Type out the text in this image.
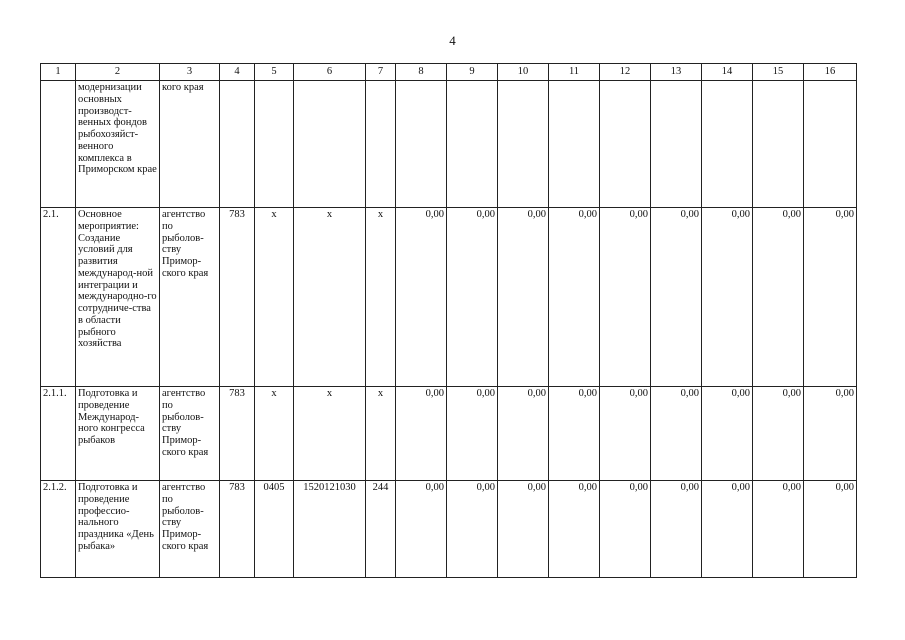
4
1	2	3	4	5	6	7	8	9	10	11	12	13	14	15	16
	модернизации основных производст-венных фондов рыбохозяйст-венного комплекса в Приморском крае	кого края													
2.1.	Основное мероприятие: Создание условий для развития международ-ной интеграции и международно-го сотрудниче-ства в области рыбного хозяйства	агентство по рыболов-ству Примор-ского края	783	х	х	х	0,00	0,00	0,00	0,00	0,00	0,00	0,00	0,00	0,00
2.1.1.	Подготовка и проведение Международ-ного конгресса рыбаков	агентство по рыболов-ству Примор-ского края	783	х	х	х	0,00	0,00	0,00	0,00	0,00	0,00	0,00	0,00	0,00
2.1.2.	Подготовка и проведение профессио-нального праздника «День рыбака»	агентство по рыболов-ству Примор-ского края	783	0405	1520121030	244	0,00	0,00	0,00	0,00	0,00	0,00	0,00	0,00	0,00
